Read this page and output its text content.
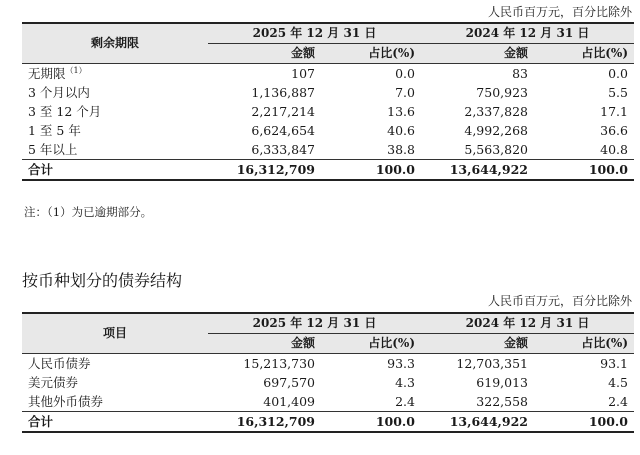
人民币百万元，百分比除外
剩余期限	2025 年 12 月 31 日		2024 年 12 月 31 日	
	金额	占比(%)	金额	占比(%)
无期限$^{(1)}$	107	0.0	83	0.0
3 个月以内	1,136,887	7.0	750,923	5.5
3 至 12 个月	2,217,214	13.6	2,337,828	17.1
1 至 5 年	6,624,654	40.6	4,992,268	36.6
5 年以上	6,333,847	38.8	5,563,820	40.8
合计	16,312,709	100.0	13,644,922	100.0
注：（1）为已逾期部分。
按币种划分的债券结构
人民币百万元，百分比除外
项目	2025 年 12 月 31 日		2024 年 12 月 31 日	
	金额	占比(%)	金额	占比(%)
人民币债券	15,213,730	93.3	12,703,351	93.1
美元债券	697,570	4.3	619,013	4.5
其他外币债券	401,409	2.4	322,558	2.4
合计	16,312,709	100.0	13,644,922	100.0
